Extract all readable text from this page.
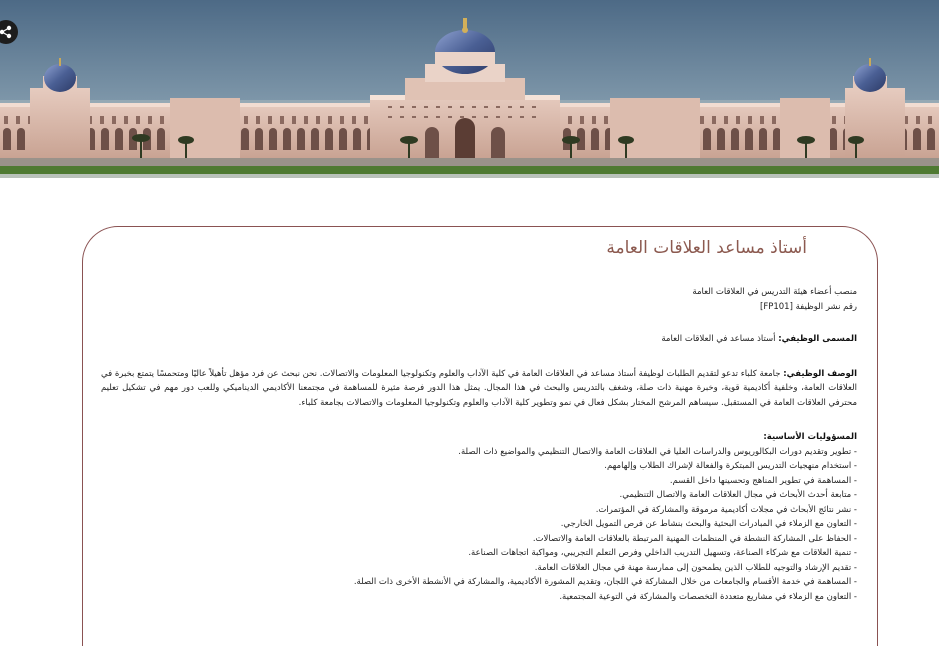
أستاذ مساعد العلاقات العامة

منصب أعضاء هيئة التدريس في العلاقات العامة

[FP101] رقم نشر الوظيفة

المسمى الوظيفي: أستاذ مساعد في العلاقات العامة

الوصف الوظيفي: جامعة كلباء تدعو لتقديم الطلبات لوظيفة أستاذ مساعد في العلاقات العامة في كلية الآداب والعلوم وتكنولوجيا المعلومات والاتصالات. نحن نبحث عن فرد مؤهل تأهيلاً عاليًا ومتحمسًا يتمتع بخبرة في العلاقات العامة، وخلفية أكاديمية قوية، وخبرة مهنية ذات صلة، وشغف بالتدريس والبحث في هذا المجال. يمثل هذا الدور فرصة مثيرة للمساهمة في مجتمعنا الأكاديمي الديناميكي وللعب دور مهم في تشكيل تعليم محترفي العلاقات العامة في المستقبل. سيساهم المرشح المختار بشكل فعال في نمو وتطوير كلية الآداب والعلوم وتكنولوجيا المعلومات والاتصالات بجامعة كلباء.

المسؤوليات الأساسية:

- تطوير وتقديم دورات البكالوريوس والدراسات العليا في العلاقات العامة والاتصال التنظيمي والمواضيع ذات الصلة.
- استخدام منهجيات التدريس المبتكرة والفعالة لإشراك الطلاب وإلهامهم.
- المساهمة في تطوير المناهج وتحسينها داخل القسم.
- متابعة أحدث الأبحاث في مجال العلاقات العامة والاتصال التنظيمي.
- نشر نتائج الأبحاث في مجلات أكاديمية مرموقة والمشاركة في المؤتمرات.
- التعاون مع الزملاء في المبادرات البحثية والبحث بنشاط عن فرص التمويل الخارجي.
- الحفاظ على المشاركة النشطة في المنظمات المهنية المرتبطة بالعلاقات العامة والاتصالات.
- تنمية العلاقات مع شركاء الصناعة، وتسهيل التدريب الداخلي وفرص التعلم التجريبي، ومواكبة اتجاهات الصناعة.
- تقديم الإرشاد والتوجيه للطلاب الذين يطمحون إلى ممارسة مهنة في مجال العلاقات العامة.
- المساهمة في خدمة الأقسام والجامعات من خلال المشاركة في اللجان، وتقديم المشورة الأكاديمية، والمشاركة في الأنشطة الأخرى ذات الصلة.
- التعاون مع الزملاء في مشاريع متعددة التخصصات والمشاركة في التوعية المجتمعية.
